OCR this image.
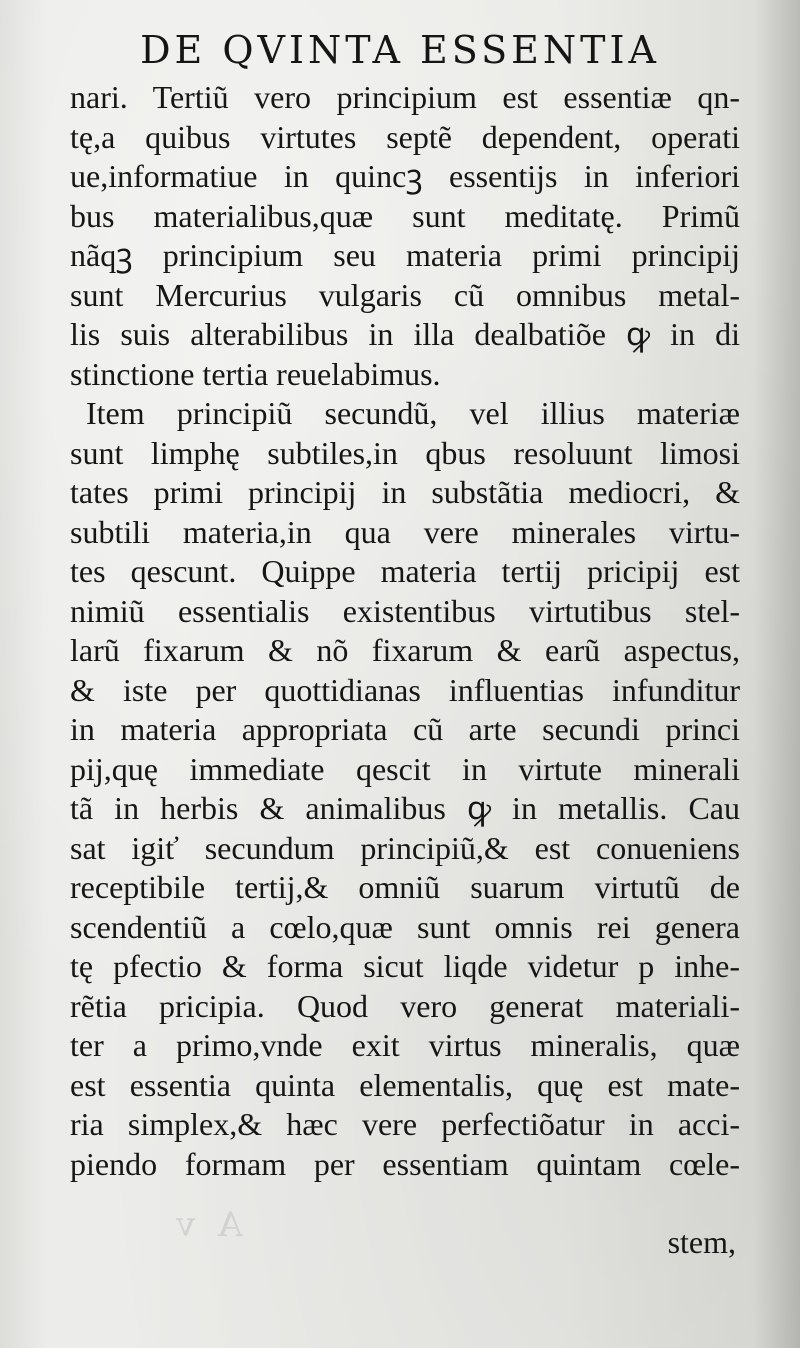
A v
DE QVINTA ESSENTIA
nari. Tertiũ vero principium est essentiæ qn-
tę,a quibus virtutes septẽ dependent, operati
ue,informatiue in quincꝫ essentijs in inferiori
bus materialibus,quæ sunt meditatę. Primũ
nãqꝫ principium seu materia primi principij
sunt Mercurius vulgaris cũ omnibus metal-
lis suis alterabilibus in illa dealbatiõe ꝙ in di
stinctione tertia reuelabimus.
Item principiũ secundũ, vel illius materiæ
sunt limphę subtiles,in qbus resoluunt limosi
tates primi principij in substãtia mediocri, &
subtili materia,in qua vere minerales virtu-
tes qescunt. Quippe materia tertij pricipij est
nimiũ essentialis existentibus virtutibus stel-
larũ fixarum & nõ fixarum & earũ aspectus,
& iste per quottidianas influentias infunditur
in materia appropriata cũ arte secundi princi
pij,quę immediate qescit in virtute minerali
tã in herbis & animalibus ꝙ in metallis. Cau
sat igiť secundum principiũ,& est conueniens
receptibile tertij,& omniũ suarum virtutũ de
scendentiũ a cœlo,quæ sunt omnis rei genera
tę pfectio & forma sicut liqde videtur p inhe-
rẽtia pricipia. Quod vero generat materiali-
ter a primo,vnde exit virtus mineralis, quæ
est essentia quinta elementalis, quę est mate-
ria simplex,& hæc vere perfectiõatur in acci-
piendo formam per essentiam quintam cœle-
stem,
